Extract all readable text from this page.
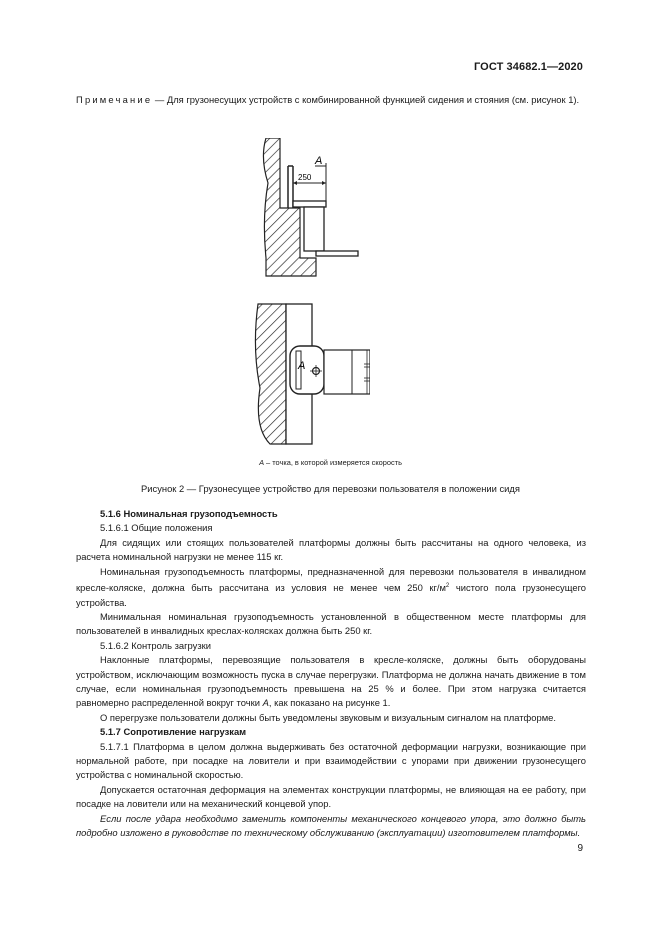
ГОСТ 34682.1—2020
Примечание — Для грузонесущих устройств с комбинированной функцией сидения и стояния (см. рисунок 1).
250
A
A
A – точка, в которой измеряется скорость
Рисунок 2 — Грузонесущее устройство для перевозки пользователя в положении сидя

5.1.6 Номинальная грузоподъемность

5.1.6.1 Общие положения

Для сидящих или стоящих пользователей платформы должны быть рассчитаны на одного человека, из расчета номинальной нагрузки не менее 115 кг.

Номинальная грузоподъемность платформы, предназначенной для перевозки пользователя в инвалидном кресле-коляске, должна быть рассчитана из условия не менее чем 250 $кг/м^2$ чистого пола грузонесущего устройства.

Минимальная номинальная грузоподъемность установленной в общественном месте платформы для пользователей в инвалидных креслах-колясках должна быть 250 кг.

5.1.6.2 Контроль загрузки

Наклонные платформы, перевозящие пользователя в кресле-коляске, должны быть оборудованы устройством, исключающим возможность пуска в случае перегрузки. Платформа не должна начать движение в том случае, если номинальная грузоподъемность превышена на 25 % и более. При этом нагрузка считается равномерно распределенной вокруг точки A, как показано на рисунке 1.

О перегрузке пользователи должны быть уведомлены звуковым и визуальным сигналом на платформе.

5.1.7 Сопротивление нагрузкам

5.1.7.1 Платформа в целом должна выдерживать без остаточной деформации нагрузки, возникающие при нормальной работе, при посадке на ловители и при взаимодействии с упорами при движении грузонесущего устройства с номинальной скоростью.

Допускается остаточная деформация на элементах конструкции платформы, не влияющая на ее работу, при посадке на ловители или на механический концевой упор.

Если после удара необходимо заменить компоненты механического концевого упора, это должно быть подробно изложено в руководстве по техническому обслуживанию (эксплуатации) изготовителем платформы.

9
